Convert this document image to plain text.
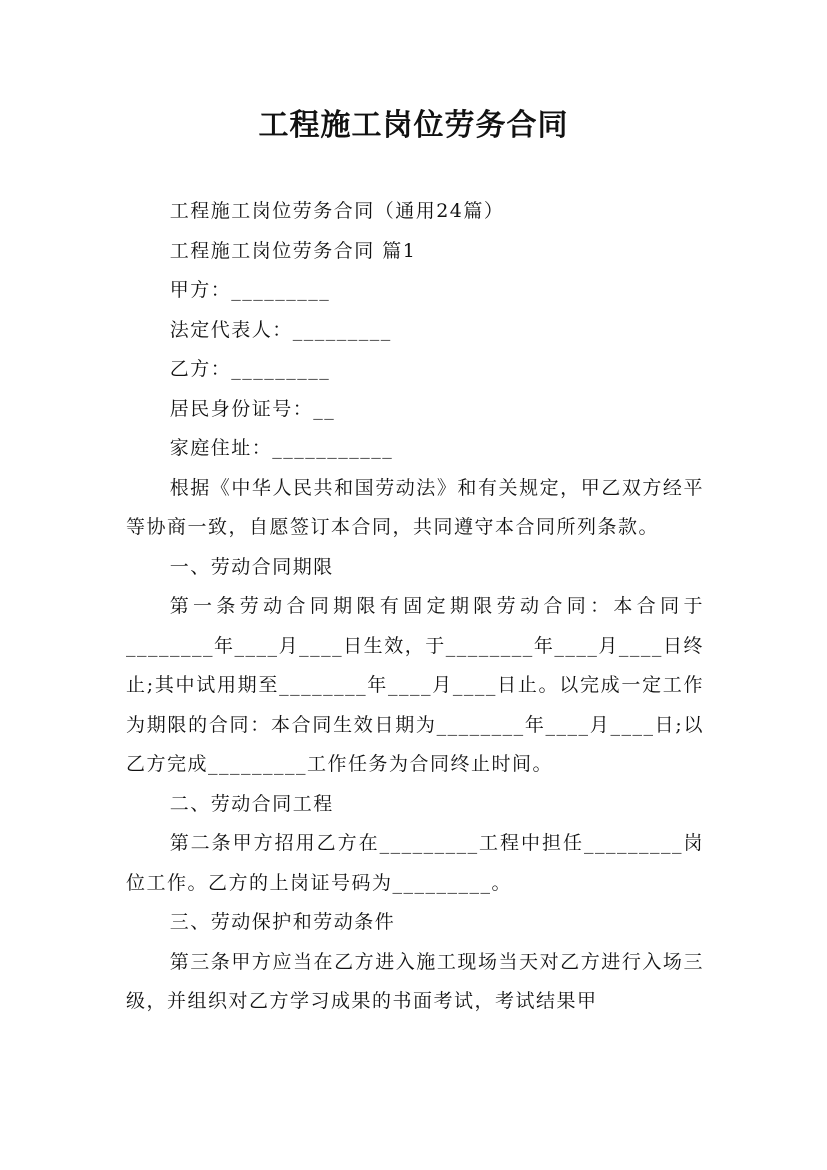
工程施工岗位劳务合同

工程施工岗位劳务合同（通用24篇）

工程施工岗位劳务合同 篇1

甲方：_________

法定代表人：_________

乙方：_________

居民身份证号：__

家庭住址：___________

根据《中华人民共和国劳动法》和有关规定，甲乙双方经平等协商一致，自愿签订本合同，共同遵守本合同所列条款。

一、劳动合同期限

第一条劳动合同期限有固定期限劳动合同：本合同于________年____月____日生效，于________年____月____日终止;其中试用期至________年____月____日止。以完成一定工作为期限的合同：本合同生效日期为________年____月____日;以乙方完成_________工作任务为合同终止时间。

二、劳动合同工程

第二条甲方招用乙方在_________工程中担任_________岗位工作。乙方的上岗证号码为_________。

三、劳动保护和劳动条件

第三条甲方应当在乙方进入施工现场当天对乙方进行入场三级，并组织对乙方学习成果的书面考试，考试结果甲
